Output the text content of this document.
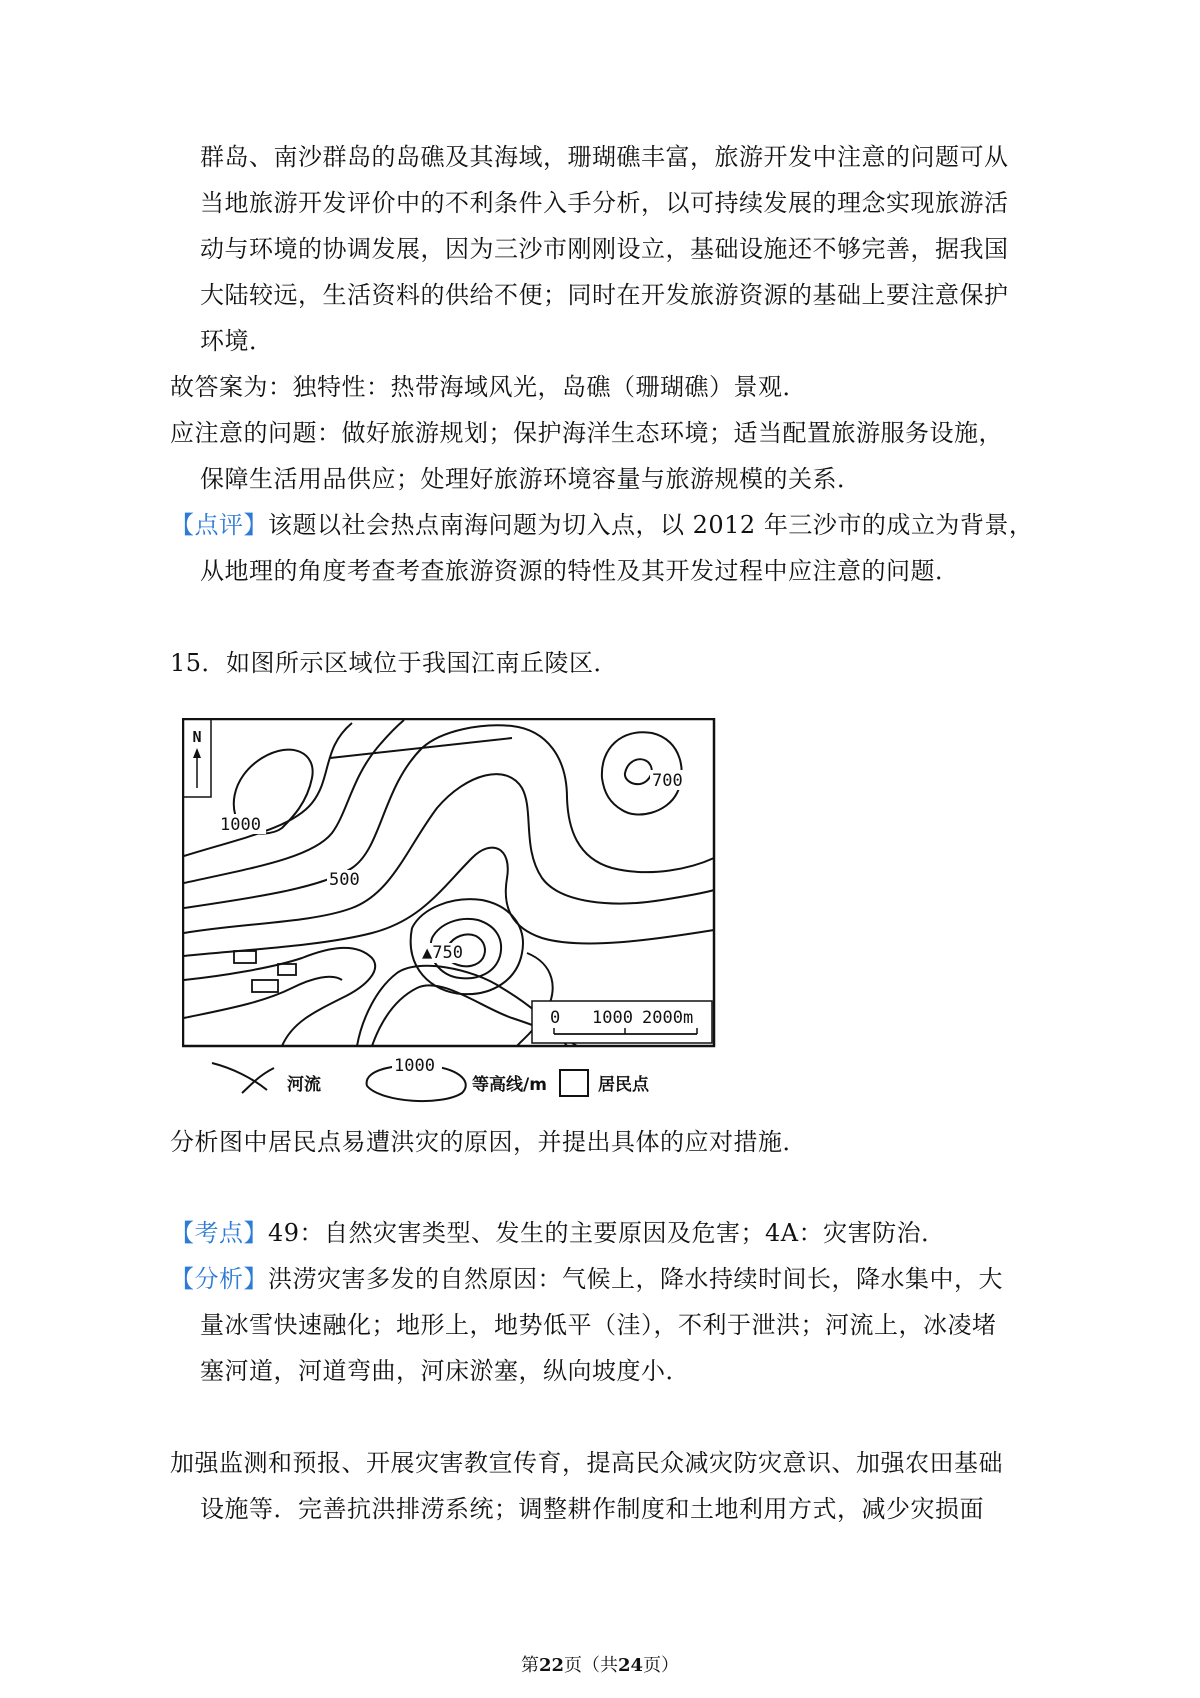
群岛、南沙群岛的岛礁及其海域，珊瑚礁丰富，旅游开发中注意的问题可从
当地旅游开发评价中的不利条件入手分析，以可持续发展的理念实现旅游活
动与环境的协调发展，因为三沙市刚刚设立，基础设施还不够完善，据我国
大陆较远，生活资料的供给不便；同时在开发旅游资源的基础上要注意保护
环境．
故答案为：独特性：热带海域风光，岛礁（珊瑚礁）景观．
应注意的问题：做好旅游规划；保护海洋生态环境；适当配置旅游服务设施，
保障生活用品供应；处理好旅游环境容量与旅游规模的关系．
【点评】该题以社会热点南海问题为切入点，以 2012 年三沙市的成立为背景，
从地理的角度考查考查旅游资源的特性及其开发过程中应注意的问题．
15．如图所示区域位于我国江南丘陵区．
N
1000
700
500
▲750
0 1000 2000m
河流
1000
等高线/m	居民点
分析图中居民点易遭洪灾的原因，并提出具体的应对措施．
【考点】49：自然灾害类型、发生的主要原因及危害；4A：灾害防治．
【分析】洪涝灾害多发的自然原因：气候上，降水持续时间长，降水集中，大
量冰雪快速融化；地形上，地势低平（洼），不利于泄洪；河流上，冰凌堵
塞河道，河道弯曲，河床淤塞，纵向坡度小．
加强监测和预报、开展灾害教宣传育，提高民众减灾防灾意识、加强农田基础
设施等．完善抗洪排涝系统；调整耕作制度和土地利用方式，减少灾损面
第22页（共24页）
